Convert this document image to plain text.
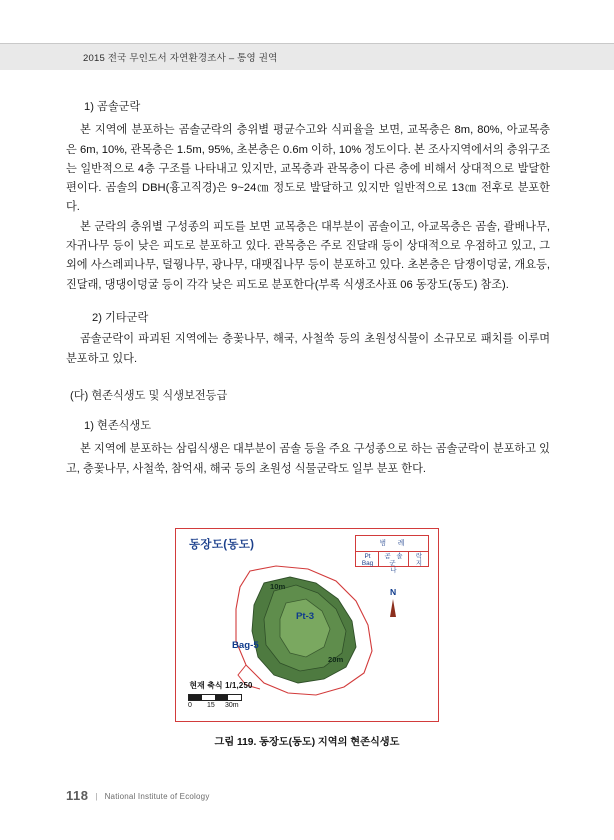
2015 전국 무인도서 자연환경조사 – 통영 권역
1) 곰솔군락

본 지역에 분포하는 곰솔군락의 층위별 평균수고와 식피율을 보면, 교목층은 8m, 80%, 아교목층은 6m, 10%, 관목층은 1.5m, 95%, 초본층은 0.6m 이하, 10% 정도이다. 본 조사지역에서의 층위구조는 일반적으로 4층 구조를 나타내고 있지만, 교목층과 관목층이 다른 층에 비해서 상대적으로 발달한 편이다. 곰솔의 DBH(흉고직경)은 9~24㎝ 정도로 발달하고 있지만 일반적으로 13㎝ 전후로 분포한다.

본 군락의 층위별 구성종의 피도를 보면 교목층은 대부분이 곰솔이고, 아교목층은 곰솔, 괄배나무, 자귀나무 등이 낮은 피도로 분포하고 있다. 관목층은 주로 진달래 등이 상대적으로 우점하고 있고, 그 외에 사스레피나무, 덜꿩나무, 광나무, 대팻집나무 등이 분포하고 있다. 초본층은 담쟁이덩굴, 개요등, 진달래, 댕댕이덩굴 등이 각각 낮은 피도로 분포한다(부록 식생조사표 06 동장도(동도) 참조).

2) 기타군락

곰솔군락이 파괴된 지역에는 층꽃나무, 해국, 사철쑥 등의 초원성식물이 소규모로 패치를 이루며 분포하고 있다.

(다) 현존식생도 및 식생보전등급
1) 현존식생도

본 지역에 분포하는 삼림식생은 대부분이 곰솔 등을 주요 구성종으로 하는 곰솔군락이 분포하고 있고, 층꽃나무, 사철쑥, 참억새, 해국 등의 초원성 식물군락도 일부 분포 한다.

동장도(동도)	범 례
Pt
Bag
곰 솔 군
나
락
지
10m
20m
Pt-3
Bag-5
N
현재 축식 1/1,250
0 15 30m
그림 119. 동장도(동도) 지역의 현존식생도
118 | National Institute of Ecology
